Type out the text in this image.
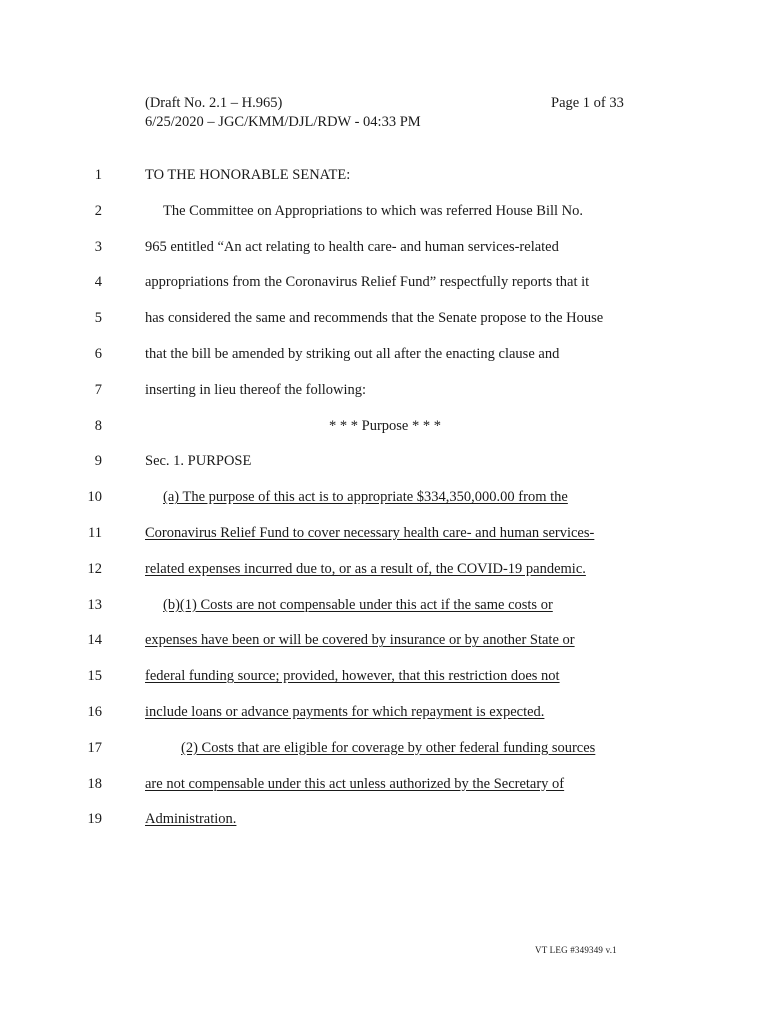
(Draft No. 2.1 – H.965)
6/25/2020 – JGC/KMM/DJL/RDW - 04:33 PM
Page 1 of 33
1	TO THE HONORABLE SENATE:
2	The Committee on Appropriations to which was referred House Bill No.
3	965 entitled “An act relating to health care- and human services-related
4	appropriations from the Coronavirus Relief Fund” respectfully reports that it
5	has considered the same and recommends that the Senate propose to the House
6	that the bill be amended by striking out all after the enacting clause and
7	inserting in lieu thereof the following:
8	* * * Purpose * * *
9	Sec. 1. PURPOSE
10	(a) The purpose of this act is to appropriate $334,350,000.00 from the
11	Coronavirus Relief Fund to cover necessary health care- and human services-
12	related expenses incurred due to, or as a result of, the COVID-19 pandemic.
13	(b)(1) Costs are not compensable under this act if the same costs or
14	expenses have been or will be covered by insurance or by another State or
15	federal funding source; provided, however, that this restriction does not
16	include loans or advance payments for which repayment is expected.
17	(2) Costs that are eligible for coverage by other federal funding sources
18	are not compensable under this act unless authorized by the Secretary of
19	Administration.
VT LEG #349349 v.1
